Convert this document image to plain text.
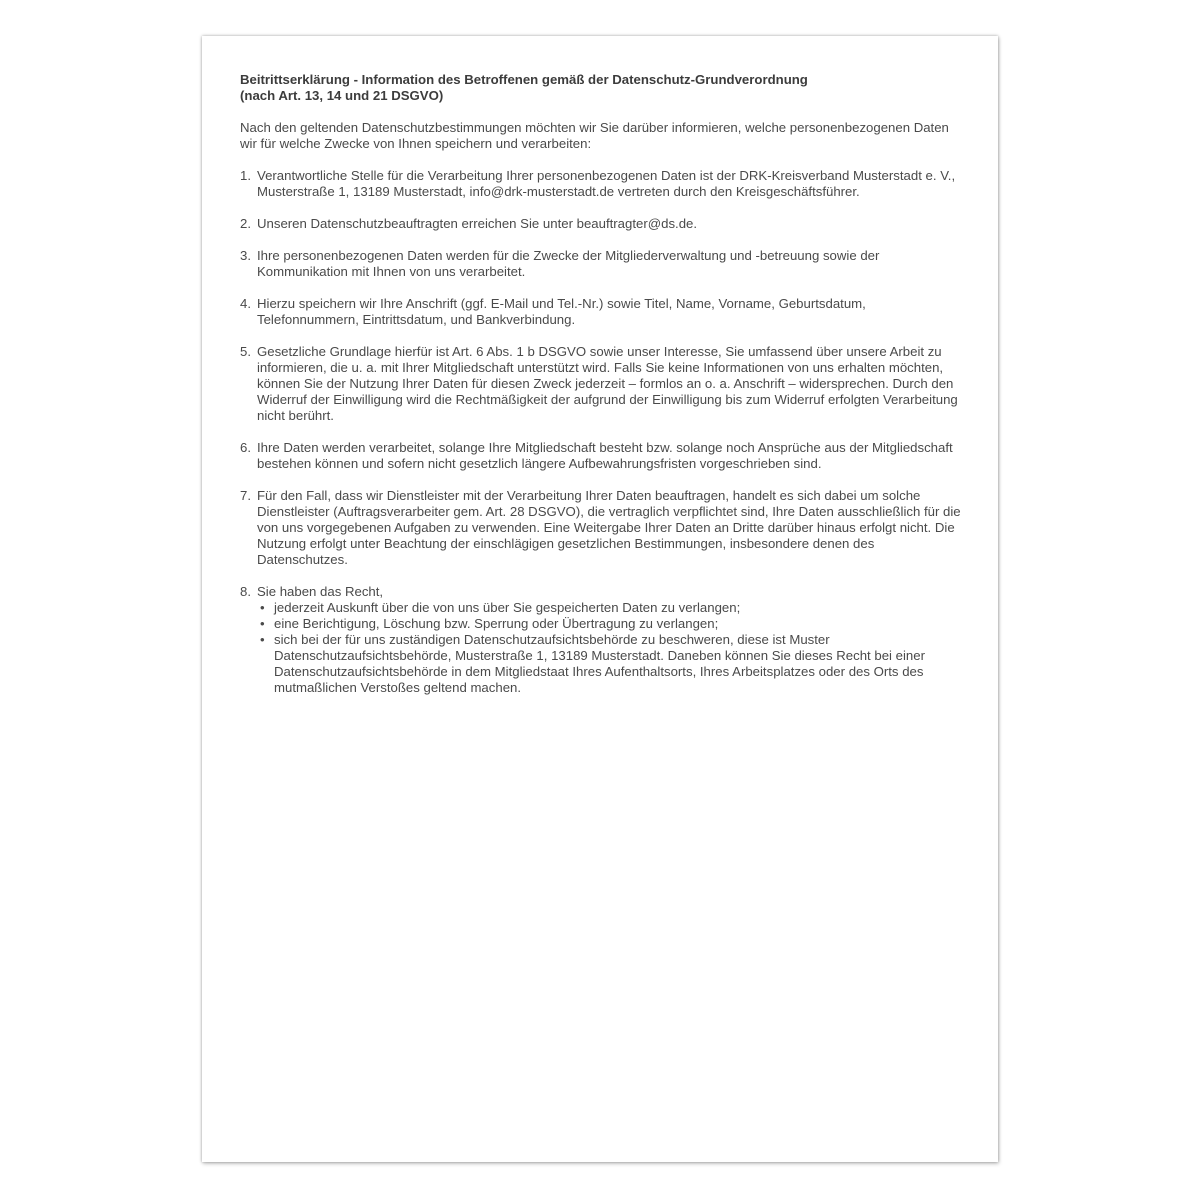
Beitrittserklärung - Information des Betroffenen gemäß der Datenschutz-Grundverordnung
(nach Art. 13, 14 und 21 DSGVO)

Nach den geltenden Datenschutzbestimmungen möchten wir Sie darüber informieren, welche personenbezogenen Daten wir für welche Zwecke von Ihnen speichern und verarbeiten:

1. Verantwortliche Stelle für die Verarbeitung Ihrer personenbezogenen Daten ist der DRK-Kreisverband Musterstadt e. V., Musterstraße 1, 13189 Musterstadt, info@drk-musterstadt.de vertreten durch den Kreisgeschäftsführer.
2. Unseren Datenschutzbeauftragten erreichen Sie unter beauftragter@ds.de.
3. Ihre personenbezogenen Daten werden für die Zwecke der Mitgliederverwaltung und -betreuung sowie der Kommunikation mit Ihnen von uns verarbeitet.
4. Hierzu speichern wir Ihre Anschrift (ggf. E-Mail und Tel.-Nr.) sowie Titel, Name, Vorname, Geburtsdatum, Telefonnummern, Eintrittsdatum, und Bankverbindung.
5. Gesetzliche Grundlage hierfür ist Art. 6 Abs. 1 b DSGVO sowie unser Interesse, Sie umfassend über unsere Arbeit zu informieren, die u. a. mit Ihrer Mitgliedschaft unterstützt wird. Falls Sie keine Informationen von uns erhalten möchten, können Sie der Nutzung Ihrer Daten für diesen Zweck jederzeit – formlos an o. a. Anschrift – widersprechen. Durch den Widerruf der Einwilligung wird die Rechtmäßigkeit der aufgrund der Einwilligung bis zum Widerruf erfolgten Verarbeitung nicht berührt.
6. Ihre Daten werden verarbeitet, solange Ihre Mitgliedschaft besteht bzw. solange noch Ansprüche aus der Mitgliedschaft bestehen können und sofern nicht gesetzlich längere Aufbewahrungsfristen vorgeschrieben sind.
7. Für den Fall, dass wir Dienstleister mit der Verarbeitung Ihrer Daten beauftragen, handelt es sich dabei um solche Dienstleister (Auftragsverarbeiter gem. Art. 28 DSGVO), die vertraglich verpflichtet sind, Ihre Daten ausschließlich für die von uns vorgegebenen Aufgaben zu verwenden. Eine Weitergabe Ihrer Daten an Dritte darüber hinaus erfolgt nicht. Die Nutzung erfolgt unter Beachtung der einschlägigen gesetzlichen Bestimmungen, insbesondere denen des Datenschutzes.
8. Sie haben das Recht,
• jederzeit Auskunft über die von uns über Sie gespeicherten Daten zu verlangen;
• eine Berichtigung, Löschung bzw. Sperrung oder Übertragung zu verlangen;
• sich bei der für uns zuständigen Datenschutzaufsichtsbehörde zu beschweren, diese ist Muster Datenschutzaufsichtsbehörde, Musterstraße 1, 13189 Musterstadt. Daneben können Sie dieses Recht bei einer Datenschutzaufsichtsbehörde in dem Mitgliedstaat Ihres Aufenthaltsorts, Ihres Arbeitsplatzes oder des Orts des mutmaßlichen Verstoßes geltend machen.
